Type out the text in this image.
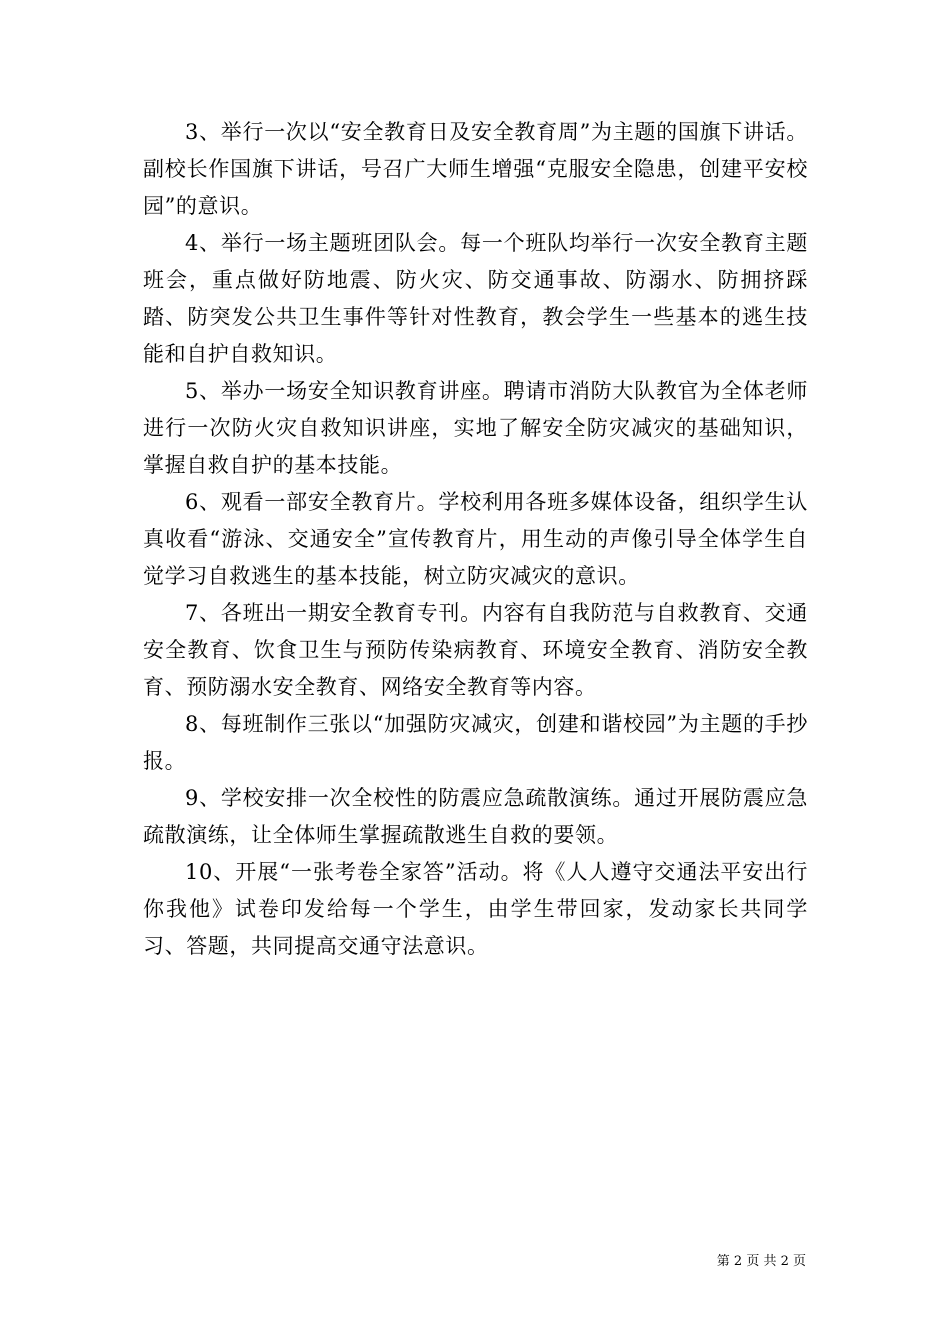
3、举行一次以“安全教育日及安全教育周”为主题的国旗下讲话。副校长作国旗下讲话，号召广大师生增强“克服安全隐患，创建平安校园”的意识。

4、举行一场主题班团队会。每一个班队均举行一次安全教育主题班会，重点做好防地震、防火灾、防交通事故、防溺水、防拥挤踩踏、防突发公共卫生事件等针对性教育，教会学生一些基本的逃生技能和自护自救知识。

5、举办一场安全知识教育讲座。聘请市消防大队教官为全体老师进行一次防火灾自救知识讲座，实地了解安全防灾减灾的基础知识，掌握自救自护的基本技能。

6、观看一部安全教育片。学校利用各班多媒体设备，组织学生认真收看“游泳、交通安全”宣传教育片，用生动的声像引导全体学生自觉学习自救逃生的基本技能，树立防灾减灾的意识。

7、各班出一期安全教育专刊。内容有自我防范与自救教育、交通安全教育、饮食卫生与预防传染病教育、环境安全教育、消防安全教育、预防溺水安全教育、网络安全教育等内容。

8、每班制作三张以“加强防灾减灾，创建和谐校园”为主题的手抄报。

9、学校安排一次全校性的防震应急疏散演练。通过开展防震应急疏散演练，让全体师生掌握疏散逃生自救的要领。

10、开展“一张考卷全家答”活动。将《人人遵守交通法平安出行你我他》试卷印发给每一个学生，由学生带回家，发动家长共同学习、答题，共同提高交通守法意识。

第 2 页 共 2 页
